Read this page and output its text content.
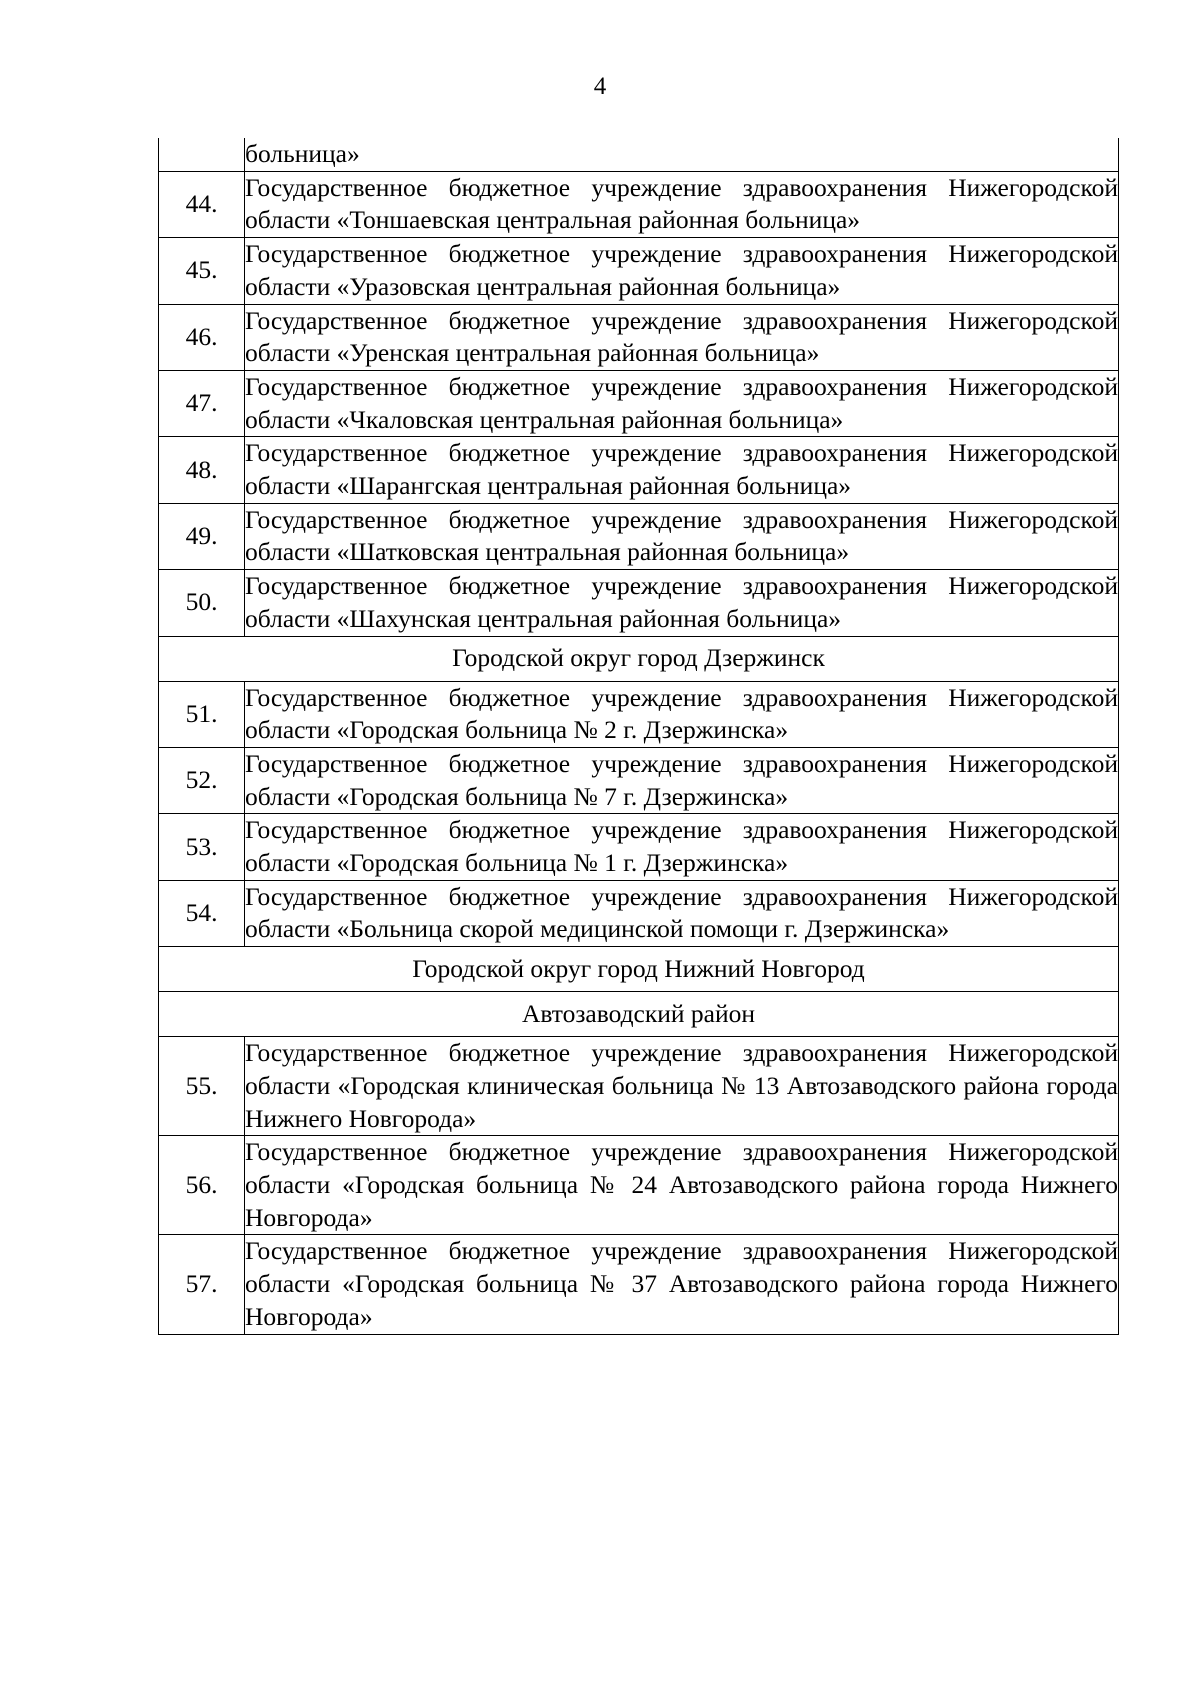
4
	больница»
44.	Государственное бюджетное учреждение здравоохранения Нижегородской области «Тоншаевская центральная районная больница»
45.	Государственное бюджетное учреждение здравоохранения Нижегородской области «Уразовская центральная районная больница»
46.	Государственное бюджетное учреждение здравоохранения Нижегородской области «Уренская центральная районная больница»
47.	Государственное бюджетное учреждение здравоохранения Нижегородской области «Чкаловская центральная районная больница»
48.	Государственное бюджетное учреждение здравоохранения Нижегородской области «Шарангская центральная районная больница»
49.	Государственное бюджетное учреждение здравоохранения Нижегородской области «Шатковская центральная районная больница»
50.	Государственное бюджетное учреждение здравоохранения Нижегородской области «Шахунская центральная районная больница»
Городской округ город Дзержинск	
51.	Государственное бюджетное учреждение здравоохранения Нижегородской области «Городская больница № 2 г. Дзержинска»
52.	Государственное бюджетное учреждение здравоохранения Нижегородской области «Городская больница № 7 г. Дзержинска»
53.	Государственное бюджетное учреждение здравоохранения Нижегородской области «Городская больница № 1 г. Дзержинска»
54.	Государственное бюджетное учреждение здравоохранения Нижегородской области «Больница скорой медицинской помощи г. Дзержинска»
Городской округ город Нижний Новгород	
Автозаводский район	
55.	Государственное бюджетное учреждение здравоохранения Нижегородской области «Городская клиническая больница № 13 Автозаводского района города Нижнего Новгорода»
56.	Государственное бюджетное учреждение здравоохранения Нижегородской области «Городская больница № 24 Автозаводского района города Нижнего Новгорода»
57.	Государственное бюджетное учреждение здравоохранения Нижегородской области «Городская больница № 37 Автозаводского района города Нижнего Новгорода»
